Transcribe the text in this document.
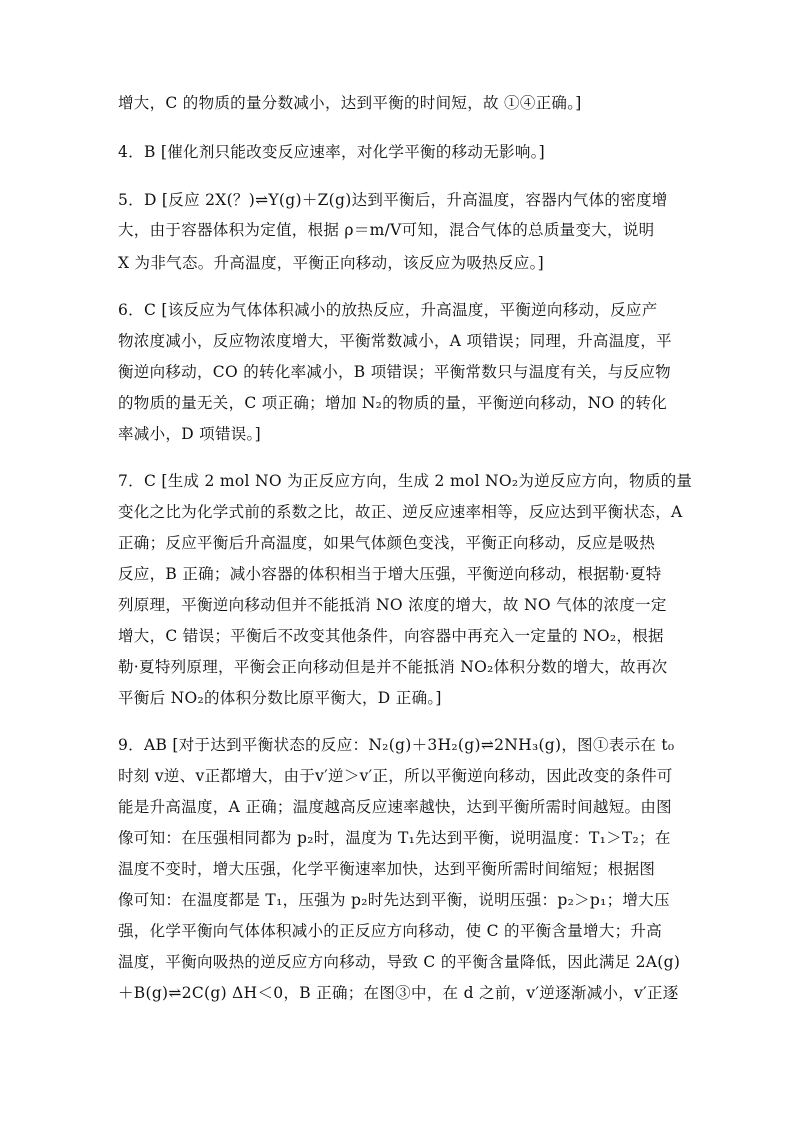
增大，C 的物质的量分数减小，达到平衡的时间短，故 ①④正确。]
4．B [催化剂只能改变反应速率，对化学平衡的移动无影响。]
5．D [反应 2X(？)⇌Y(g)＋Z(g)达到平衡后，升高温度，容器内气体的密度增
大，由于容器体积为定值，根据 ρ＝m/V可知，混合气体的总质量变大，说明
X 为非气态。升高温度，平衡正向移动，该反应为吸热反应。]
6．C [该反应为气体体积减小的放热反应，升高温度，平衡逆向移动，反应产
物浓度减小，反应物浓度增大，平衡常数减小，A 项错误；同理，升高温度，平
衡逆向移动，CO 的转化率减小，B 项错误；平衡常数只与温度有关，与反应物
的物质的量无关，C 项正确；增加 N₂的物质的量，平衡逆向移动，NO 的转化
率减小，D 项错误。]
7．C [生成 2 mol NO 为正反应方向，生成 2 mol NO₂为逆反应方向，物质的量
变化之比为化学式前的系数之比，故正、逆反应速率相等，反应达到平衡状态，A
正确；反应平衡后升高温度，如果气体颜色变浅，平衡正向移动，反应是吸热
反应，B 正确；减小容器的体积相当于增大压强，平衡逆向移动，根据勒·夏特
列原理，平衡逆向移动但并不能抵消 NO 浓度的增大，故 NO 气体的浓度一定
增大，C 错误；平衡后不改变其他条件，向容器中再充入一定量的 NO₂，根据
勒·夏特列原理，平衡会正向移动但是并不能抵消 NO₂体积分数的增大，故再次
平衡后 NO₂的体积分数比原平衡大，D 正确。]
9．AB [对于达到平衡状态的反应：N₂(g)＋3H₂(g)⇌2NH₃(g)，图①表示在 t₀
时刻 v逆、v正都增大，由于v′逆＞v′正，所以平衡逆向移动，因此改变的条件可
能是升高温度，A 正确；温度越高反应速率越快，达到平衡所需时间越短。由图
像可知：在压强相同都为 p₂时，温度为 T₁先达到平衡，说明温度：T₁＞T₂；在
温度不变时，增大压强，化学平衡速率加快，达到平衡所需时间缩短；根据图
像可知：在温度都是 T₁，压强为 p₂时先达到平衡，说明压强：p₂＞p₁；增大压
强，化学平衡向气体体积减小的正反应方向移动，使 C 的平衡含量增大；升高
温度，平衡向吸热的逆反应方向移动，导致 C 的平衡含量降低，因此满足 2A(g)
＋B(g)⇌2C(g) ΔH＜0，B 正确；在图③中，在 d 之前，v′逆逐渐减小，v′正逐
